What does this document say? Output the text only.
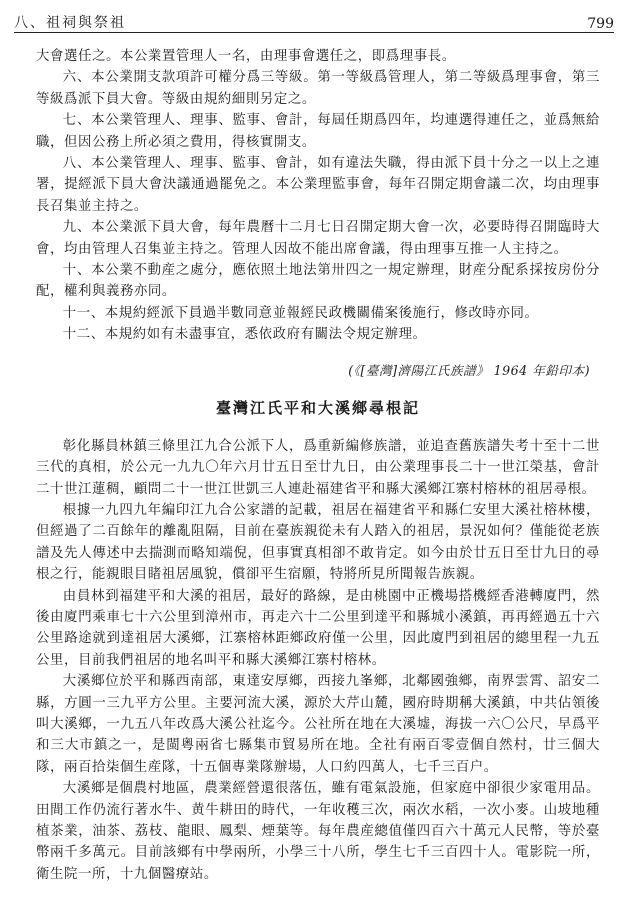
八、祖祠與祭祖	799

大會選任之。本公業置管理人一名，由理事會選任之，即爲理事長。

六、本公業開支款項許可權分爲三等級。第一等級爲管理人，第二等級爲理事會，第三等級爲派下員大會。等級由規約細則另定之。

七、本公業管理人、理事、監事、會計，每屆任期爲四年，均連選得連任之，並爲無給職，但因公務上所必須之費用，得核實開支。

八、本公業管理人、理事、監事、會計，如有違法失職，得由派下員十分之一以上之連署，提經派下員大會決議通過罷免之。本公業理監事會，每年召開定期會議二次，均由理事長召集並主持之。

九、本公業派下員大會，每年農曆十二月七日召開定期大會一次，必要時得召開臨時大會，均由管理人召集並主持之。管理人因故不能出席會議，得由理事互推一人主持之。

十、本公業不動産之處分，應依照土地法第卅四之一規定辦理，財産分配系採按房份分配，權利與義務亦同。

十一、本規約經派下員過半數同意並報經民政機關備案後施行，修改時亦同。

十二、本規約如有未盡事宜，悉依政府有關法令規定辦理。

(《[臺灣]濟陽江氏族譜》 1964 年鉛印本)

臺灣江氏平和大溪鄉尋根記

彰化縣員林鎮三條里江九合公派下人，爲重新編修族譜，並追查舊族譜失考十至十二世三代的真相，於公元一九九〇年六月廿五日至廿九日，由公業理事長二十一世江榮基，會計二十世江蓮稠，顧問二十一世江世凱三人連赴福建省平和縣大溪鄉江寨村榕林的祖居尋根。

根據一九四九年編印江九合公家譜的記載，祖居在福建省平和縣仁安里大溪社榕林樓，但經過了二百餘年的離亂阻隔，目前在臺族親從未有人踏入的祖居，景況如何？僅能從老族譜及先人傳述中去揣測而略知端倪，但事實真相卻不敢肯定。如今由於廿五日至廿九日的尋根之行，能親眼目睹祖居風貌，償卻平生宿願，特將所見所聞報告族親。

由員林到福建平和大溪的祖居，最好的路線，是由桃園中正機場搭機經香港轉廈門，然後由廈門乘車七十六公里到漳州市，再走六十二公里到達平和縣城小溪鎮，再再經過五十六公里路途就到達祖居大溪鄉，江寨榕林距鄉政府僅一公里，因此廈門到祖居的總里程一九五公里，目前我們祖居的地名叫平和縣大溪鄉江寨村榕林。

大溪鄉位於平和縣西南部，東達安厚鄉，西接九峯鄉，北鄰國強鄉，南界雲霄、詔安二縣，方圓一三九平方公里。主要河流大溪，源於大芹山麓，國府時期稱大溪鎮，中共佔領後叫大溪鄉，一九五八年改爲大溪公社迄今。公社所在地在大溪墟，海拔一六〇公尺，早爲平和三大市鎮之一，是閩粵兩省七縣集市貿易所在地。全社有兩百零壹個自然村，廿三個大隊，兩百拾柒個生産隊，十五個專業隊辦場，人口約四萬人，七千三百户。

大溪鄉是個農村地區，農業經營還很落伍，雖有電氣設施，但家庭中卻很少家電用品。田間工作仍流行著水牛、黄牛耕田的時代，一年收穫三次，兩次水稻，一次小麥。山坡地種植茶業，油茶、荔枝、龍眼、鳳梨、煙葉等。每年農産總值僅四百六十萬元人民幣，等於臺幣兩千多萬元。目前該鄉有中學兩所，小學三十八所，學生七千三百四十人。電影院一所，衛生院一所，十九個醫療站。
